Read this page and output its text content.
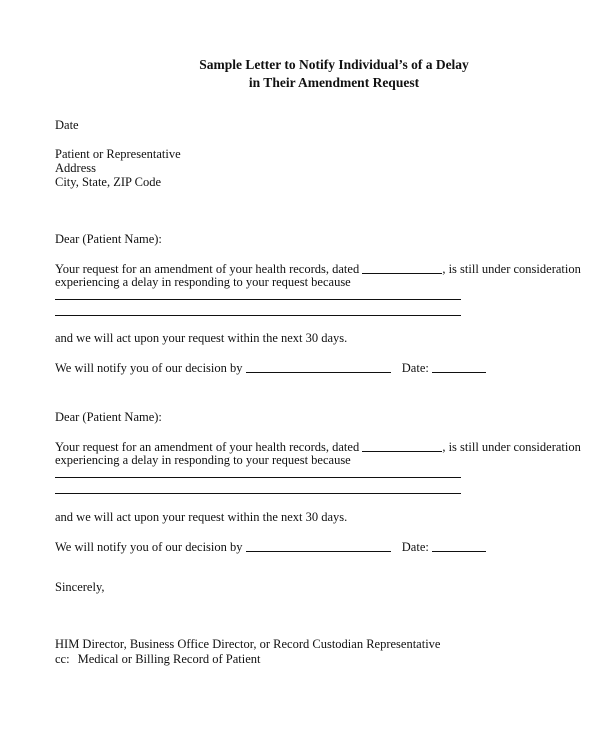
Sample Letter to Notify Individual’s of a Delay
in Their Amendment Request
Date
Patient or Representative
Address
City, State, ZIP Code
Dear (Patient Name):
Your request for an amendment of your health records, dated	, is still under consideration
experiencing a delay in responding to your request because
and we will act upon your request within the next 30 days.
We will notify you of our decision by	Date:
Dear (Patient Name):
Your request for an amendment of your health records, dated	, is still under consideration
experiencing a delay in responding to your request because
and we will act upon your request within the next 30 days.
We will notify you of our decision by	Date:
Sincerely,
HIM Director, Business Office Director, or Record Custodian Representative
cc: Medical or Billing Record of Patient
